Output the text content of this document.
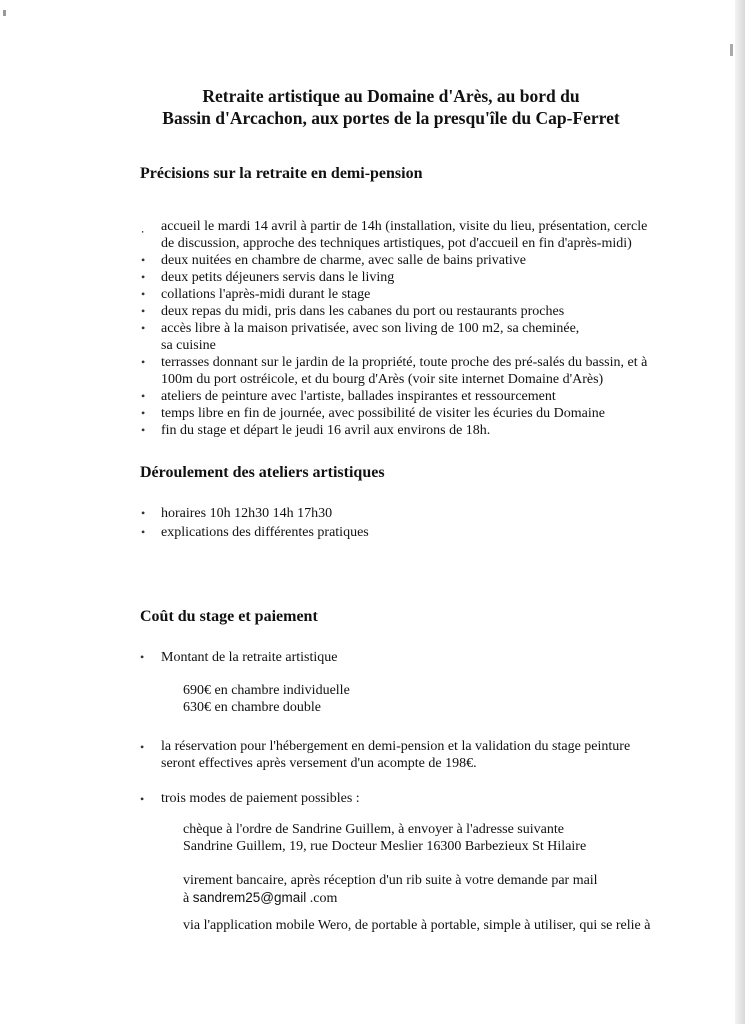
Retraite artistique au Domaine d'Arès, au bord du
Bassin d'Arcachon, aux portes de la presqu'île du Cap-Ferret
Précisions sur la retraite en demi-pension
⸳ accueil le mardi 14 avril à partir de 14h (installation, visite du lieu, présentation, cercle
de discussion, approche des techniques artistiques, pot d'accueil en fin d'après-midi)
• deux nuitées en chambre de charme, avec salle de bains privative
• deux petits déjeuners servis dans le living
• collations l'après-midi durant le stage
• deux repas du midi, pris dans les cabanes du port ou restaurants proches
• accès libre à la maison privatisée, avec son living de 100 m2, sa cheminée,
sa cuisine
• terrasses donnant sur le jardin de la propriété, toute proche des pré-salés du bassin, et à
100m du port ostréicole, et du bourg d'Arès (voir site internet Domaine d'Arès)
• ateliers de peinture avec l'artiste, ballades inspirantes et ressourcement
• temps libre en fin de journée, avec possibilité de visiter les écuries du Domaine
• fin du stage et départ le jeudi 16 avril aux environs de 18h.
Déroulement des ateliers artistiques
• horaires 10h 12h30 14h 17h30
• explications des différentes pratiques
Coût du stage et paiement
• Montant de la retraite artistique
690€ en chambre individuelle
630€ en chambre double
• la réservation pour l'hébergement en demi-pension et la validation du stage peinture
seront effectives après versement d'un acompte de 198€.
• trois modes de paiement possibles :
chèque à l'ordre de Sandrine Guillem, à envoyer à l'adresse suivante
Sandrine Guillem, 19, rue Docteur Meslier 16300 Barbezieux St Hilaire
virement bancaire, après réception d'un rib suite à votre demande par mail
à sandrem25@gmail .com
via l'application mobile Wero, de portable à portable, simple à utiliser, qui se relie à
